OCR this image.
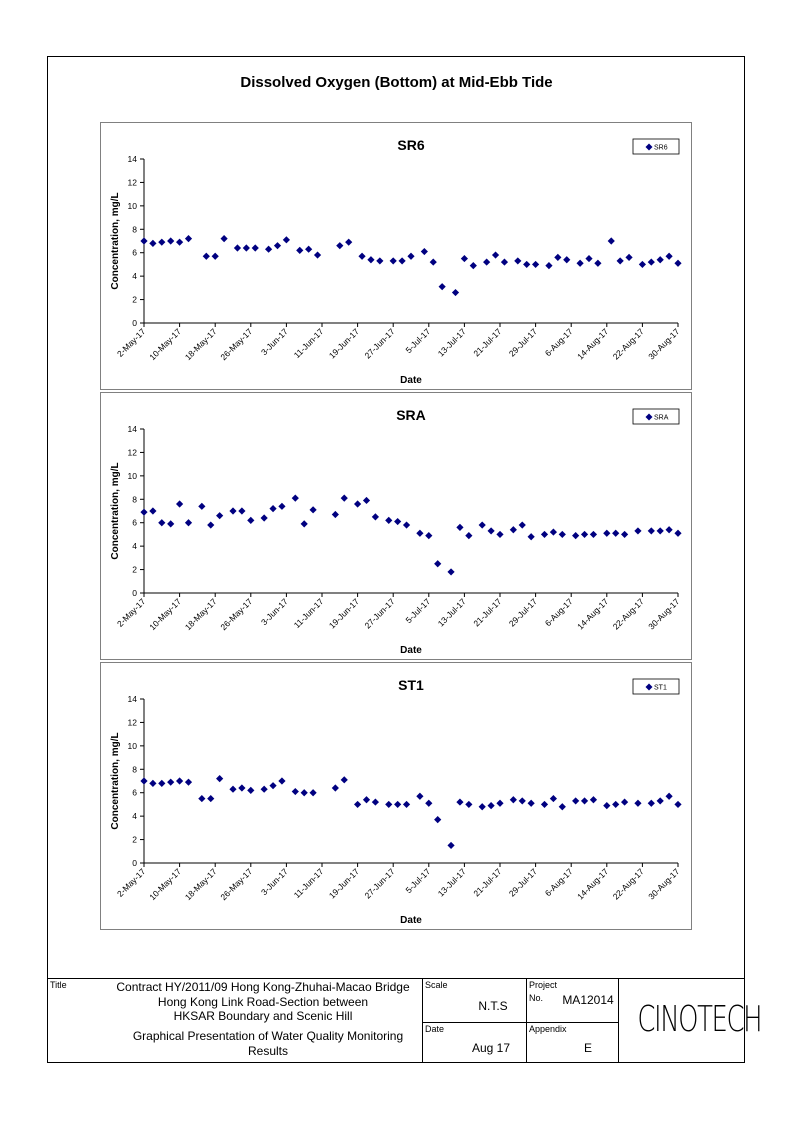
Dissolved Oxygen (Bottom) at Mid-Ebb Tide
0
2
4
6
8
10
12
14
2-May-17 10-May-17 18-May-17 26-May-17 3-Jun-17 11-Jun-17 19-Jun-17 27-Jun-17 5-Jul-17 13-Jul-17 21-Jul-17 29-Jul-17 6-Aug-17 14-Aug-17 22-Aug-17 30-Aug-17
SR6
Date
Concentration, mg/L
SR6
0
2
4
6
8
10
12
14
2-May-17 10-May-17 18-May-17 26-May-17 3-Jun-17 11-Jun-17 19-Jun-17 27-Jun-17 5-Jul-17 13-Jul-17 21-Jul-17 29-Jul-17 6-Aug-17 14-Aug-17 22-Aug-17 30-Aug-17
SRA
Date
Concentration, mg/L
SRA
0
2
4
6
8
10
12
14
2-May-17 10-May-17 18-May-17 26-May-17 3-Jun-17 11-Jun-17 19-Jun-17 27-Jun-17 5-Jul-17 13-Jul-17 21-Jul-17 29-Jul-17 6-Aug-17 14-Aug-17 22-Aug-17 30-Aug-17
ST1
Date
Concentration, mg/L
ST1
Title	Contract HY/2011/09 Hong Kong-Zhuhai-Macao Bridge
Hong Kong Link Road-Section between
HKSAR Boundary and Scenic Hill
Graphical Presentation of Water Quality Monitoring
Results
Scale
N.T.S
Date
Aug 17
Project
No.	MA12014
Appendix
E
CINOTECH
